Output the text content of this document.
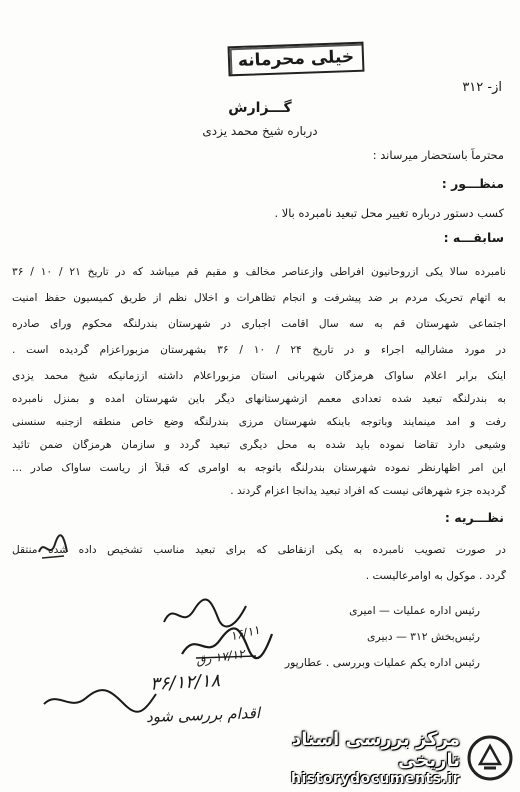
خیلی محرمانه
از- ۳۱۲
گـــزارش
درباره شیخ محمد یزدی
محترماً باستحضار میرساند :
منظـــور :
کسب دستور درباره تغییر محل تبعید نامبرده بالا .
سابقـــه :
نامبرده سالا یکی ازروحانیون افراطی وازعناصر مخالف و مقیم قم میباشد که در تاریخ ۲۱ / ۱۰ / ۳۶
به اتهام تحریک مردم بر ضد پیشرفت و انجام تظاهرات و اخلال نظم از طریق کمیسیون حفظ امنیت
اجتماعی شهرستان قم به سه سال اقامت اجباری در شهرستان بندرلنگه محکوم ورای صادره
در مورد مشارالیه اجراء و در تاریخ ۲۴ / ۱۰ / ۳۶ بشهرستان مزبوراعزام گردیده است .
اینک برابر اعلام ساواک هرمزگان شهربانی استان مزبوراعلام داشته اززمانیکه شیخ محمد یزدی
به بندرلنگه تبعید شده تعدادی معمم ازشهرستانهای دیگر باین شهرستان آمده و بمنزل نامبرده
رفت و آمد مینمایند وباتوجه باینکه شهرستان مرزی بندرلنگه وضع خاص منطقه ازجنبه سنسنی
وشیعی دارد تقاضا نموده باید شده به محل دیگری تبعید گردد و سازمان هرمزگان ضمن تائید
این امر اظهارنظر نموده شهرستان بندرلنگه باتوجه به اوامری که قبلاً از ریاست ساواک صادر ...
گردیده جزء شهرهائی نیست که افراد تبعید یدانجا اعزام گردند .
نظـــریه :
در صورت تصویب نامبرده به یکی ازنقاطی که برای تبعید مناسب تشخیص داده شده منتقل
گردد . موکول به اوامرعالیست .
رئیس اداره عملیات — امیری
رئیس‌بخش ۳۱۲ — دبیری
رئیس اداره یکم عملیات وبررسی . عطارپور
۱۶/۱۱
۱۷/۱۲ رق
۳۶/۱۲/۱۸
اقدام بررسی شود
مرکز بررسی اسناد تاریخی
historydocuments.ir
